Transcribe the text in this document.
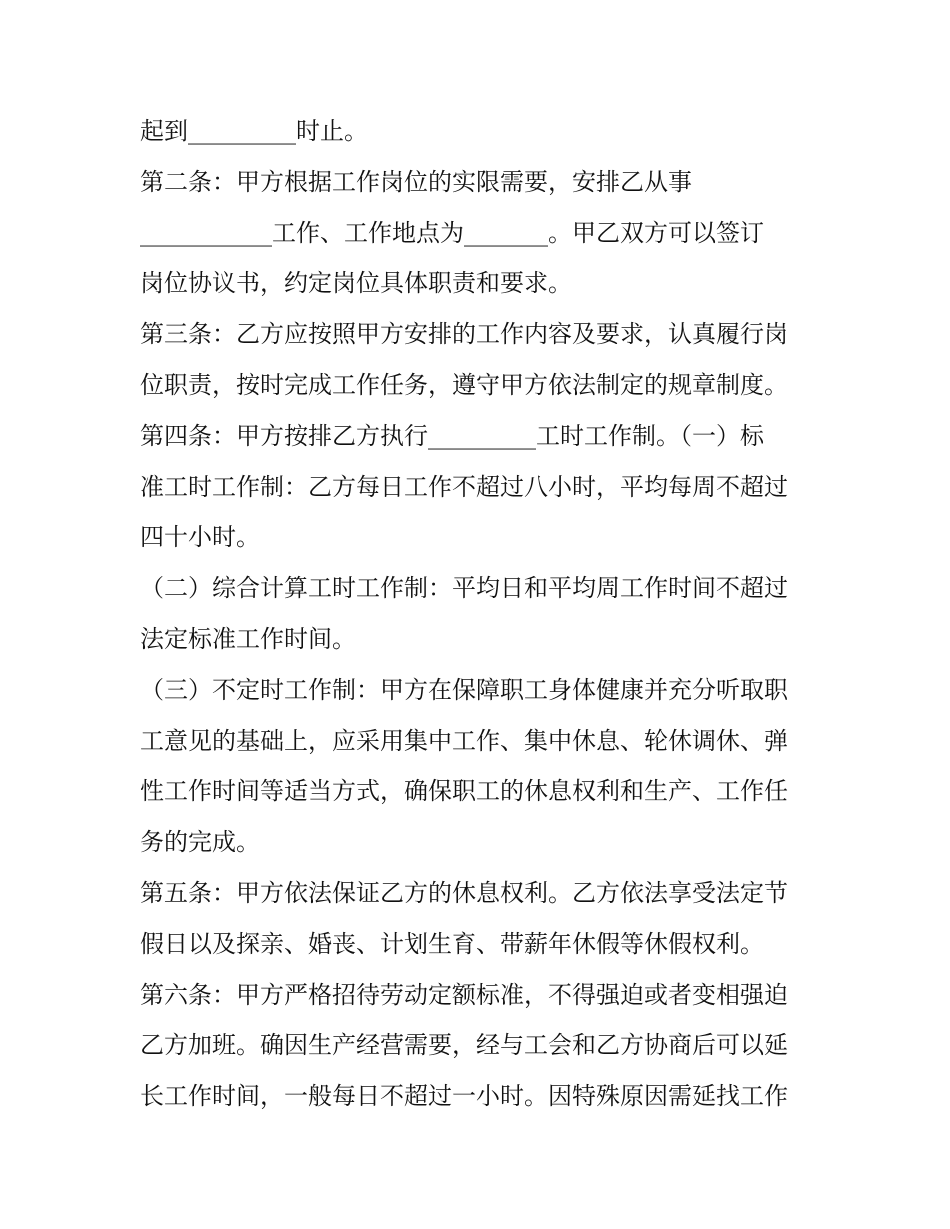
起到_________时止。
第二条：甲方根据工作岗位的实限需要，安排乙从事
___________工作、工作地点为_______。甲乙双方可以签订
岗位协议书，约定岗位具体职责和要求。
第三条：乙方应按照甲方安排的工作内容及要求，认真履行岗
位职责，按时完成工作任务，遵守甲方依法制定的规章制度。
第四条：甲方按排乙方执行_________工时工作制。（一）标
准工时工作制：乙方每日工作不超过八小时，平均每周不超过
四十小时。
（二）综合计算工时工作制：平均日和平均周工作时间不超过
法定标准工作时间。
（三）不定时工作制：甲方在保障职工身体健康并充分听取职
工意见的基础上，应采用集中工作、集中休息、轮休调休、弹
性工作时间等适当方式，确保职工的休息权利和生产、工作任
务的完成。
第五条：甲方依法保证乙方的休息权利。乙方依法享受法定节
假日以及探亲、婚丧、计划生育、带薪年休假等休假权利。
第六条：甲方严格招待劳动定额标准，不得强迫或者变相强迫
乙方加班。确因生产经营需要，经与工会和乙方协商后可以延
长工作时间，一般每日不超过一小时。因特殊原因需延找工作
